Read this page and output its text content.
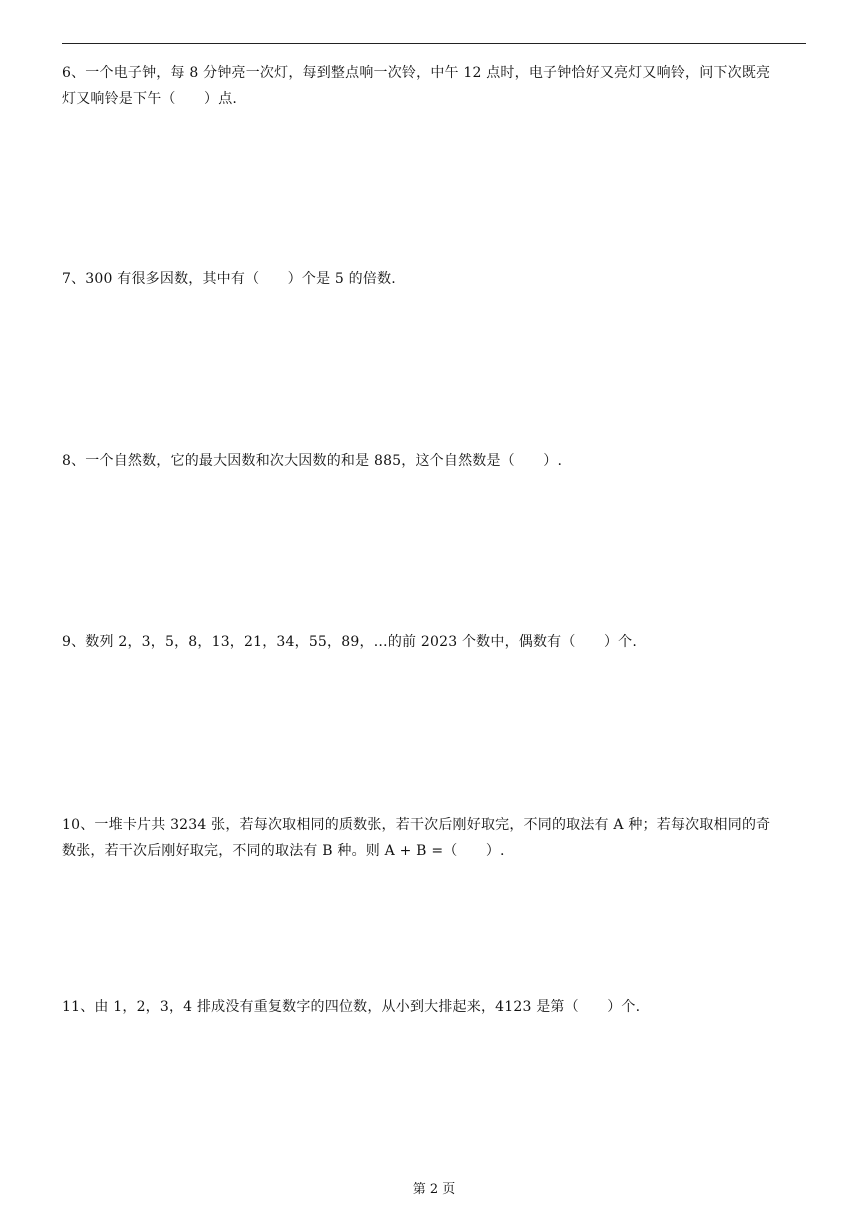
6、一个电子钟，每 8 分钟亮一次灯，每到整点响一次铃，中午 12 点时，电子钟恰好又亮灯又响铃，问下次既亮
灯又响铃是下午（　　）点.
7、300 有很多因数，其中有（　　）个是 5 的倍数.
8、一个自然数，它的最大因数和次大因数的和是 885，这个自然数是（　　）.
9、数列 2，3，5，8，13，21，34，55，89，…的前 2023 个数中，偶数有（　　）个.
10、一堆卡片共 3234 张，若每次取相同的质数张，若干次后刚好取完，不同的取法有 A 种；若每次取相同的奇
数张，若干次后刚好取完，不同的取法有 B 种。则 A + B =（　　）.
11、由 1，2，3，4 排成没有重复数字的四位数，从小到大排起来，4123 是第（　　）个.
第 2 页
